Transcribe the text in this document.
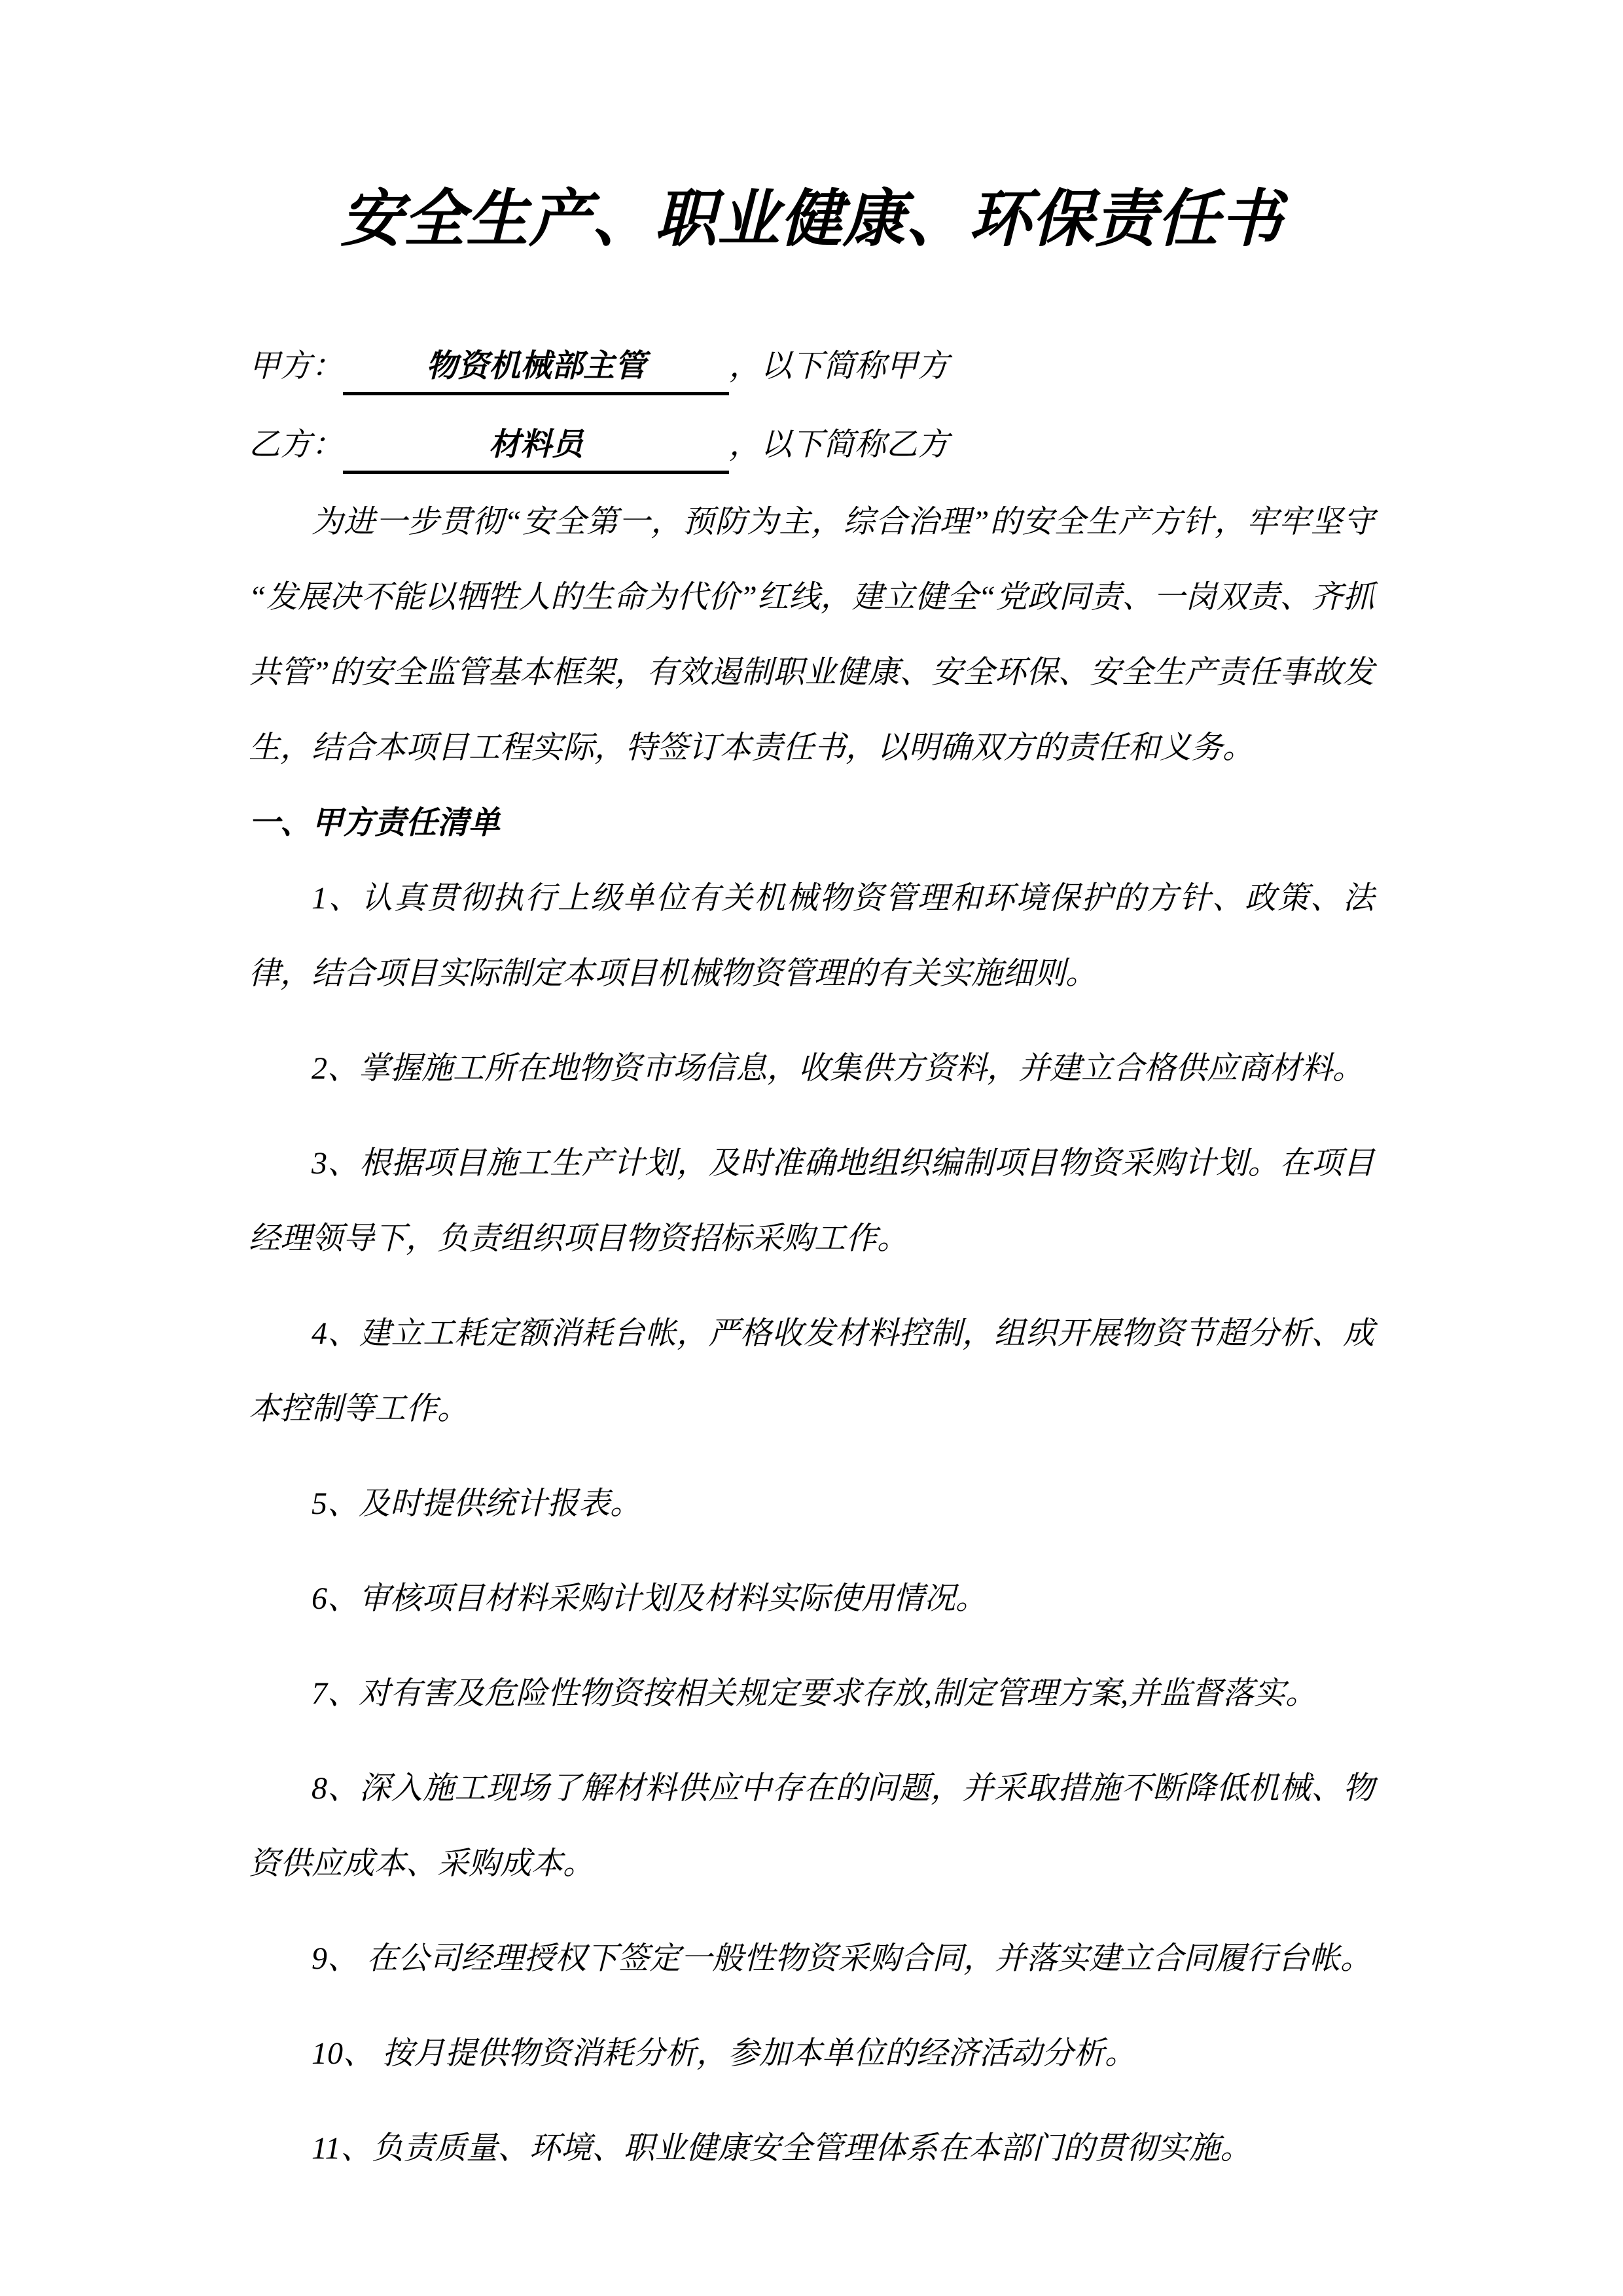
安全生产、职业健康、环保责任书
甲方：	物资机械部主管	，以下简称甲方
乙方：	材料员	，以下简称乙方

为进一步贯彻“安全第一，预防为主，综合治理”的安全生产方针，牢牢坚守“发展决不能以牺牲人的生命为代价”红线，建立健全“党政同责、一岗双责、齐抓共管”的安全监管基本框架，有效遏制职业健康、安全环保、安全生产责任事故发生，结合本项目工程实际，特签订本责任书，以明确双方的责任和义务。

一、甲方责任清单

1、认真贯彻执行上级单位有关机械物资管理和环境保护的方针、政策、法律，结合项目实际制定本项目机械物资管理的有关实施细则。

2、掌握施工所在地物资市场信息，收集供方资料，并建立合格供应商材料。

3、根据项目施工生产计划，及时准确地组织编制项目物资采购计划。在项目经理领导下，负责组织项目物资招标采购工作。

4、建立工耗定额消耗台帐，严格收发材料控制，组织开展物资节超分析、成本控制等工作。

5、及时提供统计报表。

6、审核项目材料采购计划及材料实际使用情况。

7、对有害及危险性物资按相关规定要求存放,制定管理方案,并监督落实。

8、深入施工现场了解材料供应中存在的问题，并采取措施不断降低机械、物资供应成本、采购成本。

9、 在公司经理授权下签定一般性物资采购合同，并落实建立合同履行台帐。

10、 按月提供物资消耗分析，参加本单位的经济活动分析。

11、负责质量、环境、职业健康安全管理体系在本部门的贯彻实施。
